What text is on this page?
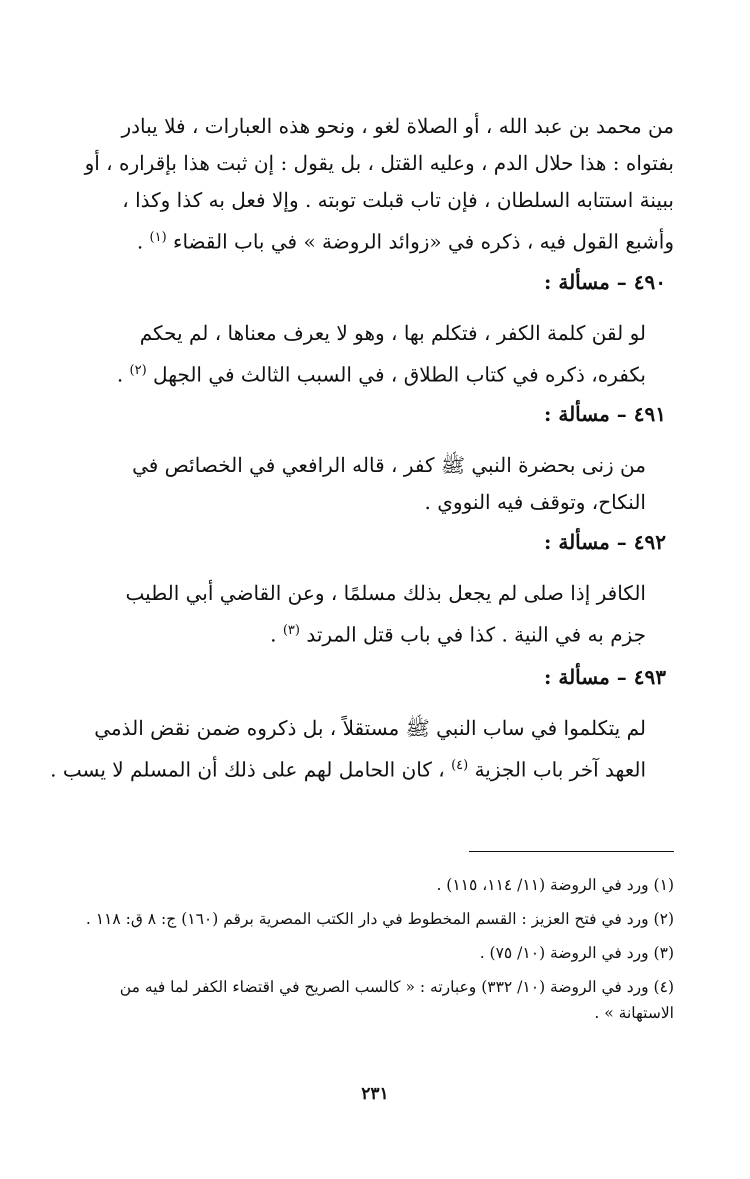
من محمد بن عبد الله ، أو الصلاة لغو ، ونحو هذه العبارات ، فلا يبادر
بفتواه : هذا حلال الدم ، وعليه القتل ، بل يقول : إن ثبت هذا بإقراره ، أو
ببينة استتابه السلطان ، فإن تاب قبلت توبته . وإلا فعل به كذا وكذا ،
وأشبع القول فيه ، ذكره في «زوائد الروضة » في باب القضاء $^{(١)}$ .

٤٩٠ – مسألة :

لو لقن كلمة الكفر ، فتكلم بها ، وهو لا يعرف معناها ، لم يحكم
بكفره، ذكره في كتاب الطلاق ، في السبب الثالث في الجهل $^{(٢)}$ .

٤٩١ – مسألة :

من زنى بحضرة النبي ﷺ كفر ، قاله الرافعي في الخصائص في
النكاح، وتوقف فيه النووي .

٤٩٢ – مسألة :

الكافر إذا صلى لم يجعل بذلك مسلمًا ، وعن القاضي أبي الطيب
جزم به في النية . كذا في باب قتل المرتد $^{(٣)}$ .

٤٩٣ – مسألة :

لم يتكلموا في ساب النبي ﷺ مستقلاً ، بل ذكروه ضمن نقض الذمي
العهد آخر باب الجزية $^{(٤)}$ ، كان الحامل لهم على ذلك أن المسلم لا يسب .

(١) ورد في الروضة (١١/ ١١٤، ١١٥) .

(٢) ورد في فتح العزيز : القسم المخطوط في دار الكتب المصرية برقم (١٦٠) ج: ٨ ق: ١١٨ .

(٣) ورد في الروضة (١٠/ ٧٥) .

(٤) ورد في الروضة (١٠/ ٣٣٢) وعبارته : « كالسب الصريح في اقتضاء الكفر لما فيه من الاستهانة » .

٢٣١
